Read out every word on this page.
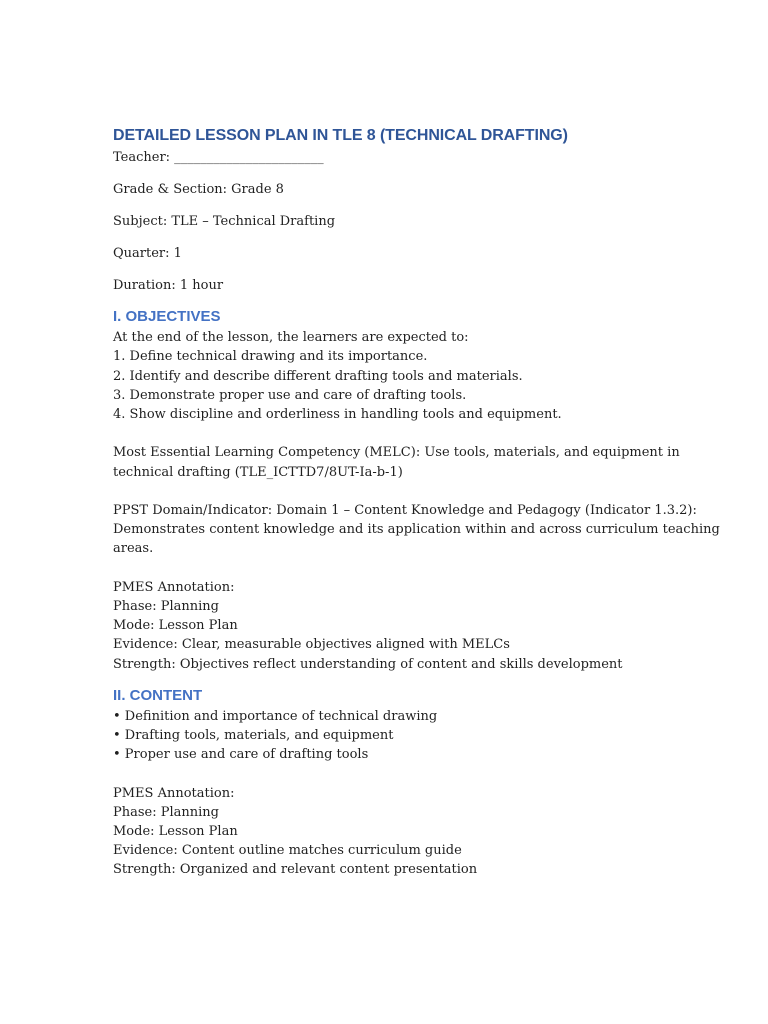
DETAILED LESSON PLAN IN TLE 8 (TECHNICAL DRAFTING)

Teacher: _______________________

Grade & Section: Grade 8

Subject: TLE – Technical Drafting

Quarter: 1

Duration: 1 hour

I. OBJECTIVES

At the end of the lesson, the learners are expected to:

1. Define technical drawing and its importance.

2. Identify and describe different drafting tools and materials.

3. Demonstrate proper use and care of drafting tools.

4. Show discipline and orderliness in handling tools and equipment.

Most Essential Learning Competency (MELC): Use tools, materials, and equipment in

technical drafting (TLE_ICTTD7/8UT-Ia-b-1)

PPST Domain/Indicator: Domain 1 – Content Knowledge and Pedagogy (Indicator 1.3.2):

Demonstrates content knowledge and its application within and across curriculum teaching

areas.

PMES Annotation:

Phase: Planning

Mode: Lesson Plan

Evidence: Clear, measurable objectives aligned with MELCs

Strength: Objectives reflect understanding of content and skills development

II. CONTENT

• Definition and importance of technical drawing

• Drafting tools, materials, and equipment

• Proper use and care of drafting tools

PMES Annotation:

Phase: Planning

Mode: Lesson Plan

Evidence: Content outline matches curriculum guide

Strength: Organized and relevant content presentation
